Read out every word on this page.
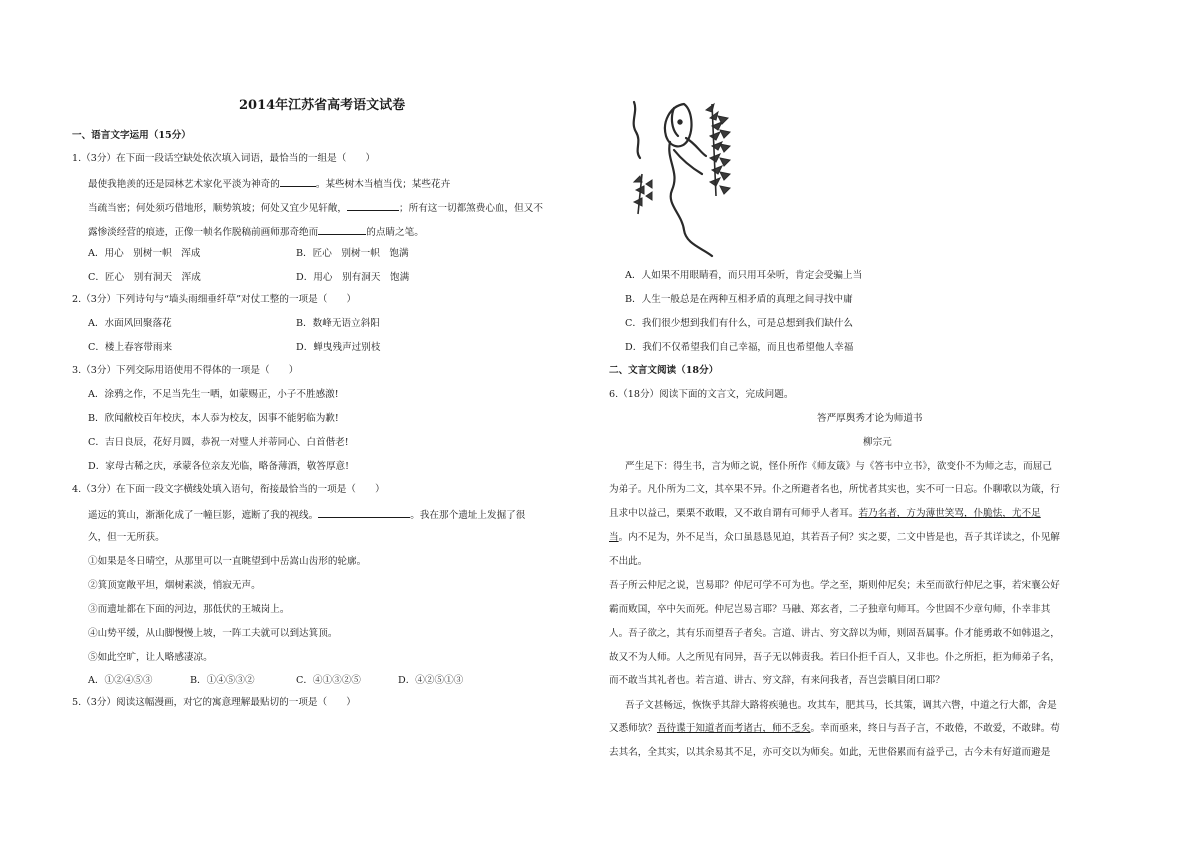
2014年江苏省高考语文试卷
一、语言文字运用（15分）
1.（3分）在下面一段话空缺处依次填入词语，最恰当的一组是（　　）
最使我艳羡的还是园林艺术家化平淡为神奇的	。某些树木当植当伐；某些花卉
当疏当密；何处须巧借地形，顺势筑坡；何处又宜少见轩敞，	；所有这一切都煞费心血，但又不
露惨淡经营的痕迹，正像一帧名作脱稿前画师那奇绝而	的点睛之笔。
A．用心　别树一帜　浑成	B．匠心　别树一帜　饱满
C．匠心　别有洞天　浑成	D．用心　别有洞天　饱满
2.（3分）下列诗句与“墙头雨细垂纤草”对仗工整的一项是（　　）
A．水面风回聚落花	B．数峰无语立斜阳
C．楼上春容带雨来	D．蝉曳残声过别枝
3.（3分）下列交际用语使用不得体的一项是（　　）
A．涂鸦之作，不足当先生一哂，如蒙赐正，小子不胜感激!
B．欣闻敝校百年校庆，本人忝为校友，因事不能躬临为歉!
C．吉日良辰，花好月圆，恭祝一对璧人并蒂同心、白首偕老!
D．家母古稀之庆，承蒙各位亲友光临，略备薄酒，敬答厚意!
4.（3分）在下面一段文字横线处填入语句，衔接最恰当的一项是（　　）
遥远的箕山，渐渐化成了一幢巨影，遮断了我的视线。	。我在那个遗址上发掘了很
久，但一无所获。
①如果是冬日晴空，从那里可以一直眺望到中岳嵩山齿形的轮廓。
②箕顶宽敞平坦，烟树素淡，悄寂无声。
③而遗址都在下面的河边，那低伏的王城岗上。
④山势平缓，从山脚慢慢上坡，一阵工夫就可以到达箕顶。
⑤如此空旷，让人略感凄凉。
A．①②④⑤③	B．①④⑤③②	C．④①③②⑤	D．④②⑤①③
5.（3分）阅读这幅漫画，对它的寓意理解最贴切的一项是（　　）
A．人如果不用眼睛看，而只用耳朵听，肯定会受骗上当
B．人生一般总是在两种互相矛盾的真理之间寻找中庸
C．我们很少想到我们有什么，可是总想到我们缺什么
D．我们不仅希望我们自己幸福，而且也希望他人幸福
二、文言文阅读（18分）
6.（18分）阅读下面的文言文，完成问题。
答严厚舆秀才论为师道书
柳宗元
严生足下：得生书，言为师之说，怪仆所作《师友箴》与《答韦中立书》，欲变仆不为师之志，而屈己
为弟子。凡仆所为二文，其卒果不异。仆之所避者名也，所忧者其实也，实不可一日忘。仆聊歌以为箴，行
且求中以益己，栗栗不敢暇，又不敢自谓有可师乎人者耳。若乃名者，方为薄世笑骂，仆脆怯，尤不足
当。内不足为，外不足当，众口虽恳恳见迫，其若吾子何？实之要，二文中皆是也，吾子其详读之，仆见解
不出此。
吾子所云仲尼之说，岂易耶？仲尼可学不可为也。学之至，斯则仲尼矣；未至而欲行仲尼之事，若宋襄公好
霸而败国，卒中矢而死。仲尼岂易言耶？马融、郑玄者，二子独章句师耳。今世固不少章句师，仆幸非其
人。吾子欲之，其有乐而望吾子者矣。言道、讲古、穷文辞以为师，则固吾属事。仆才能勇敢不如韩退之，
故又不为人师。人之所见有同异，吾子无以韩责我。若曰仆拒千百人，又非也。仆之所拒，拒为师弟子名，
而不敢当其礼者也。若言道、讲古、穷文辞，有来问我者，吾岂尝瞋目闭口耶？
吾子文甚畅远，恢恢乎其辞大路将疾驰也。攻其车，肥其马，长其策，调其六辔，中道之行大都，舍是
又悉师欤？吾待谍于知道者而考诸古，师不乏矣。幸而亟来，终日与吾子言，不敢倦，不敢爱，不敢肆。苟
去其名，全其实，以其余易其不足，亦可交以为师矣。如此，无世俗累而有益乎己，古今未有好道而避是
